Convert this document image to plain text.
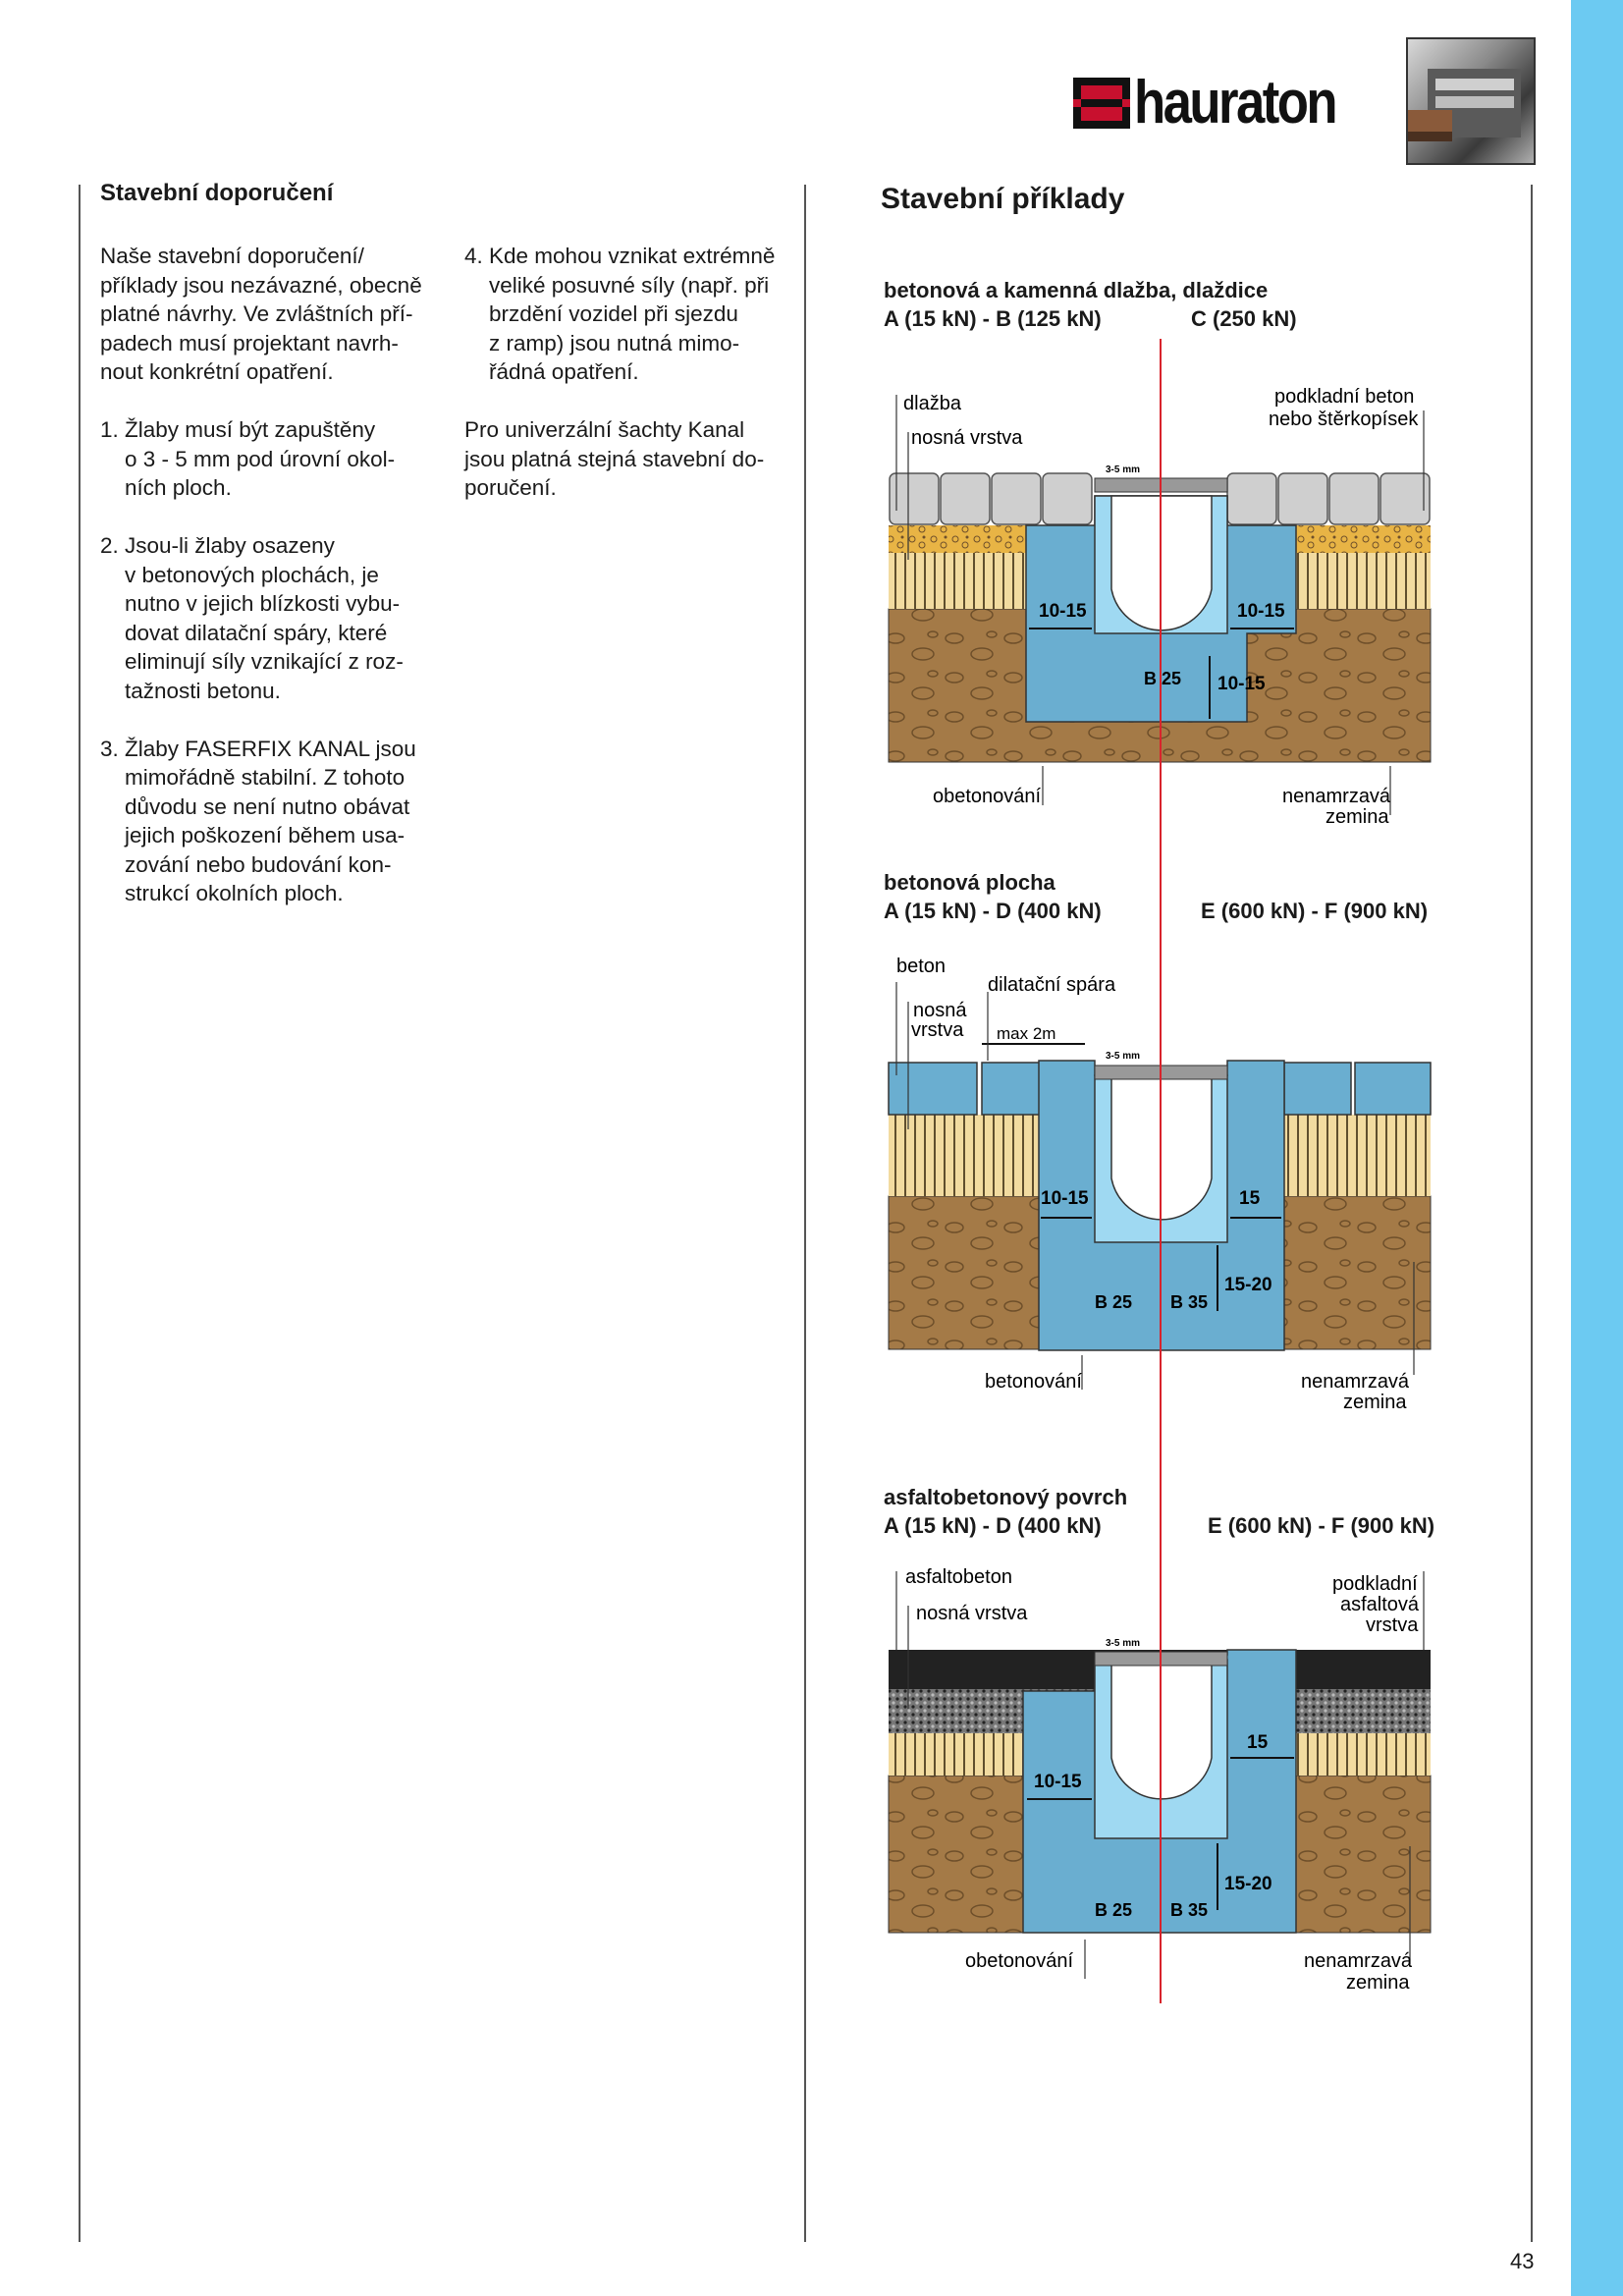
hauraton
Stavební doporučení
Naše stavební doporučení/
příklady jsou nezávazné, obecně
platné návrhy. Ve zvláštních pří-
padech musí projektant navrh-
nout konkrétní opatření.

1. Žlaby musí být zapuštěny
o 3 - 5 mm pod úrovní okol-
ních ploch.

2. Jsou-li žlaby osazeny
v betonových plochách, je
nutno v jejich blízkosti vybu-
dovat dilatační spáry, které
eliminují síly vznikající z roz-
tažnosti betonu.

3. Žlaby FASERFIX KANAL jsou
mimořádně stabilní. Z tohoto
důvodu se není nutno obávat
jejich poškození během usa-
zování nebo budování kon-
strukcí okolních ploch.
4. Kde mohou vznikat extrémně
veliké posuvné síly (např. při
brzdění vozidel při sjezdu
z ramp) jsou nutná mimo-
řádná opatření.

Pro univerzální šachty Kanal
jsou platná stejná stavební do-
poručení.
Stavební příklady
betonová a kamenná dlažba, dlaždice
A (15 kN) - B (125 kN)	C (250 kN)
betonová plocha
A (15 kN) - D (400 kN)	E (600 kN) - F (900 kN)
asfaltobetonový povrch
A (15 kN) - D (400 kN)	E (600 kN) - F (900 kN)
10-15	10-15
10-15
B 25
3-5 mm
dlažba
nosná vrstva
podkladní beton
nebo štěrkopísek
obetonování	nenamrzavá
zemina
10-15	15
15-20
B 25 B 35
3-5 mm
max 2m
beton
dilatační spára
nosná
vrstva
betonování	nenamrzavá
zemina
10-15
15
15-20
B 25 B 35
3-5 mm
asfaltobeton
nosná vrstva
podkladní
asfaltová
vrstva
obetonování	nenamrzavá
zemina
43
